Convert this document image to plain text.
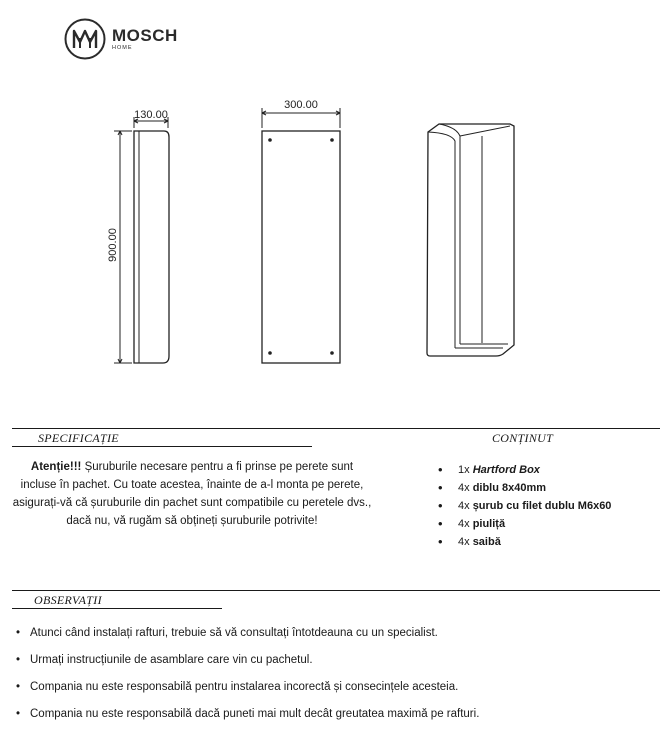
MOSCH
HOME
130.00
300.00
900.00
SPECIFICAȚIE	CONȚINUT
Atenție!!! Șuruburile necesare pentru a fi prinse pe perete sunt incluse în pachet. Cu toate acestea, înainte de a-l monta pe perete, asigurați-vă că șuruburile din pachet sunt compatibile cu peretele dvs., dacă nu, vă rugăm să obțineți șuruburile potrivite!
• 1x Hartford Box
• 4x diblu 8x40mm
• 4x șurub cu filet dublu M6x60
• 4x piuliță
• 4x saibă
OBSERVAȚII
• Atunci când instalați rafturi, trebuie să vă consultați întotdeauna cu un specialist.
• Urmați instrucțiunile de asamblare care vin cu pachetul.
• Compania nu este responsabilă pentru instalarea incorectă și consecințele acesteia.
• Compania nu este responsabilă dacă puneti mai mult decât greutatea maximă pe rafturi.
